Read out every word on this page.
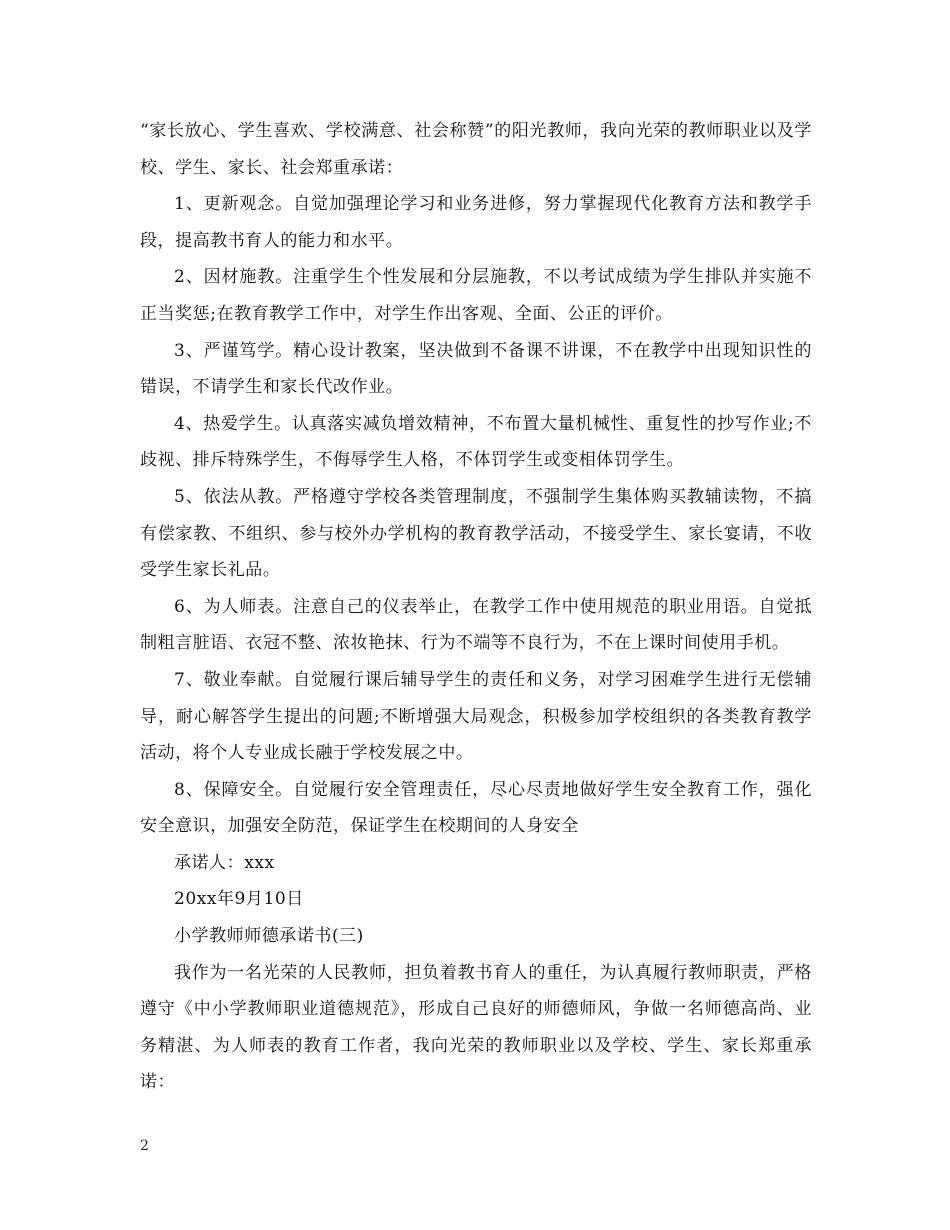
“家长放心、学生喜欢、学校满意、社会称赞”的阳光教师，我向光荣的教师职业以及学校、学生、家长、社会郑重承诺：

1、更新观念。自觉加强理论学习和业务进修，努力掌握现代化教育方法和教学手段，提高教书育人的能力和水平。

2、因材施教。注重学生个性发展和分层施教，不以考试成绩为学生排队并实施不正当奖惩;在教育教学工作中，对学生作出客观、全面、公正的评价。

3、严谨笃学。精心设计教案，坚决做到不备课不讲课，不在教学中出现知识性的错误，不请学生和家长代改作业。

4、热爱学生。认真落实减负增效精神，不布置大量机械性、重复性的抄写作业;不歧视、排斥特殊学生，不侮辱学生人格，不体罚学生或变相体罚学生。

5、依法从教。严格遵守学校各类管理制度，不强制学生集体购买教辅读物，不搞有偿家教、不组织、参与校外办学机构的教育教学活动，不接受学生、家长宴请，不收受学生家长礼品。

6、为人师表。注意自己的仪表举止，在教学工作中使用规范的职业用语。自觉抵制粗言脏语、衣冠不整、浓妆艳抹、行为不端等不良行为，不在上课时间使用手机。

7、敬业奉献。自觉履行课后辅导学生的责任和义务，对学习困难学生进行无偿辅导，耐心解答学生提出的问题;不断增强大局观念，积极参加学校组织的各类教育教学活动，将个人专业成长融于学校发展之中。

8、保障安全。自觉履行安全管理责任，尽心尽责地做好学生安全教育工作，强化安全意识，加强安全防范，保证学生在校期间的人身安全

承诺人：xxx

20xx年9月10日

小学教师师德承诺书(三)

我作为一名光荣的人民教师，担负着教书育人的重任，为认真履行教师职责，严格遵守《中小学教师职业道德规范》，形成自己良好的师德师风，争做一名师德高尚、业务精湛、为人师表的教育工作者，我向光荣的教师职业以及学校、学生、家长郑重承诺：

2
